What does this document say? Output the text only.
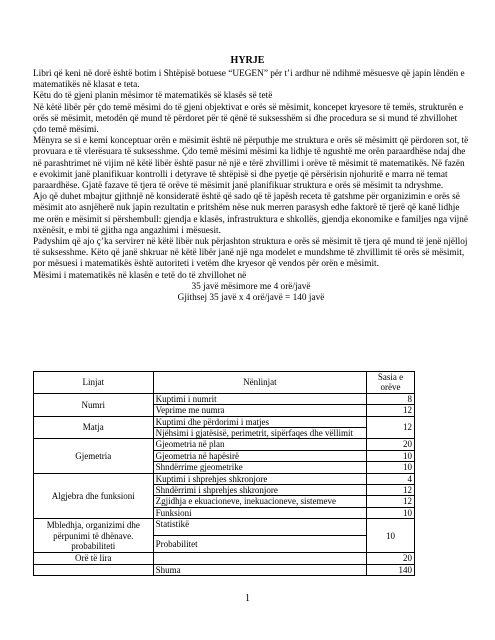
HYRJE

Libri që keni në dorë është botim i Shtëpisë botuese “UEGEN” për t’i ardhur në ndihmë mësuesve që japin lëndën e matematikës në klasat e teta.

Këtu do të gjeni planin mësimor të matematikës së klasës së tetë

Në këtë libër për çdo temë mësimi do të gjeni objektivat e orës së mësimit, koncepet kryesore të temës, strukturën e orës së mësimit, metodën që mund të përdoret për të qënë të suksesshëm si dhe procedura se si mund të zhvillohet çdo temë mësimi.

Mënyra se si e kemi konceptuar orën e mësimit është në përputhje me struktura e orës së mësimitt që përdoren sot, të provuara e të vlerësuara të suksesshme. Çdo temë mësimi mësimi ka lidhje të ngushtë me orën paraardhëse ndaj dhe në parashtrimet në vijim në këtë libër është pasur në një e tërë zhvillimi i orëve të mësimit të matematikës. Në fazën e evokimit janë planifikuar kontrolli i detyrave të shtëpisë si dhe pyetje që përsërisin njohuritë e marra në temat paraardhëse. Gjatë fazave të tjera të orëve të mësimit janë planifikuar struktura e orës së mësimit ta ndryshme.

Ajo që duhet mbajtur gjithnjë në konsideratë është që sado që të japësh receta të gatshme për organizimin e orës së mësimit ato asnjëherë nuk japin rezultatin e pritshëm nëse nuk merren parasysh edhe faktorë të tjerë që kanë lidhje me orën e mësimit si përshembull: gjendja e klasës, infrastruktura e shkollës, gjendja ekonomike e familjes nga vijnë nxënësit, e mbi të gjitha nga angazhimi i mësuesit.

Padyshim që ajo ç’ka servirет në këtë libër nuk përjashton struktura e orës së mësimit të tjera që mund të jenë njëlloj të suksesshme. Këto që janë shkruar në këtë libër janë një nga modelet e mundshme të zhvillimit të orës së mësimit, por mësuesi i matematikës është autoriteti i vetëm dhe kryesor që vendos për orën e mësimit.

Mësimi i matematikës në klasën e tetë do të zhvillohet në

35 javë mësimore me 4 orë/javë

Gjithsej 35 javë x 4 orë/javë = 140 javë

Linjat	Nënlinjat	Sasia e orëve
Numri	Kuptimi i numrit	8
	Veprime me numra	12
Matja	Kuptimi dhe përdorimi i matjes	12
	Njëhsimi i gjatësisë, perimetrit, sipërfaqes dhe vëllimit	
Gjemetria	Gjeometria në plan	20
	Gjeometria në hapësirë	10
	Shndërrime gjeometrike	10
Algjebra dhe funksioni	Kuptimi i shprehjes shkronjore	4
	Shndërrimi i shprehjes shkronjore	12
	Zgjidhja e ekuacioneve, inekuacioneve, sistemeve	12
	Funksioni	10
Mbledhja, organizimi dhe përpunimi të dhënave. probabiliteti	Statistikë	10
	Probabilitet	
Orë të lira		20
	Shuma	140
1
